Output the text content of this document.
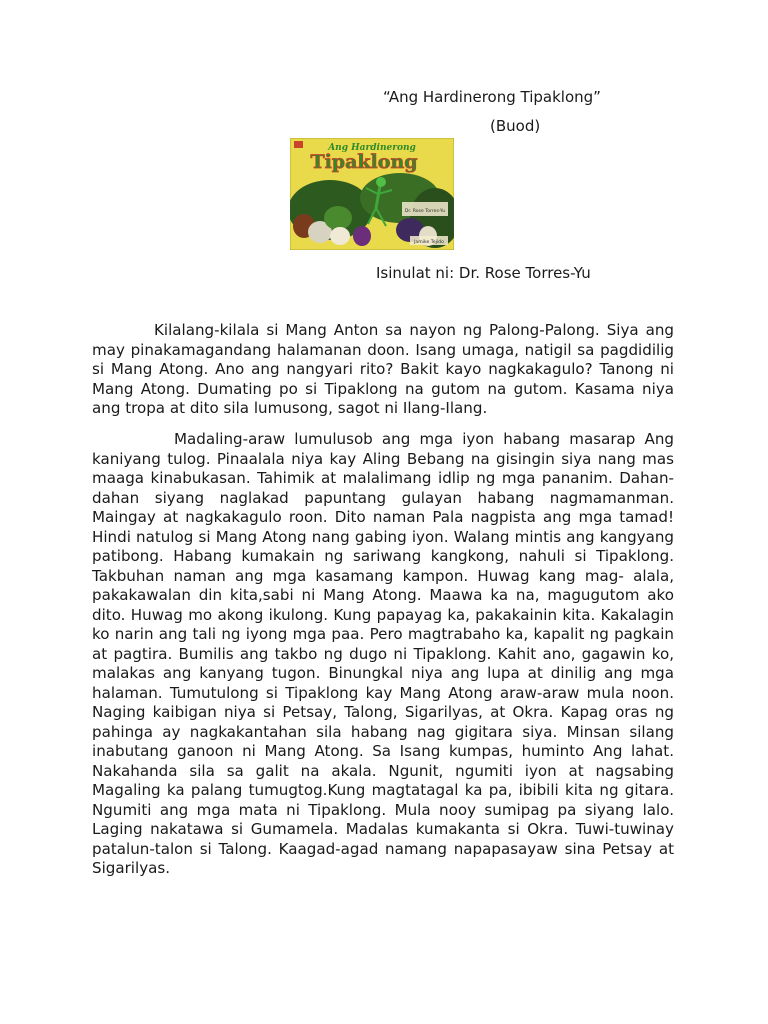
“Ang Hardinerong Tipaklong”
(Buod)
Ang Hardinerong
Tipaklong
Dr. Rose Torres-Yu
Jamike Tejido
Isinulat ni: Dr. Rose Torres-Yu

Kilalang-kilala si Mang Anton sa nayon ng Palong-Palong. Siya ang may pinakamagandang halamanan doon. Isang umaga, natigil sa pagdidilig si Mang Atong. Ano ang nangyari rito? Bakit kayo nagkakagulo? Tanong ni Mang Atong. Dumating po si Tipaklong na gutom na gutom. Kasama niya ang tropa at dito sila lumusong, sagot ni Ilang-Ilang.

Madaling-araw lumulusob ang mga iyon habang masarap Ang kaniyang tulog. Pinaalala niya kay Aling Bebang na gisingin siya nang mas maaga kinabukasan. Tahimik at malalimang idlip ng mga pananim. Dahan-dahan siyang naglakad papuntang gulayan habang nagmamanman. Maingay at nagkakagulo roon. Dito naman Pala nagpista ang mga tamad! Hindi natulog si Mang Atong nang gabing iyon. Walang mintis ang kangyang patibong. Habang kumakain ng sariwang kangkong, nahuli si Tipaklong. Takbuhan naman ang mga kasamang kampon. Huwag kang mag- alala, pakakawalan din kita,sabi ni Mang Atong. Maawa ka na, magugutom ako dito. Huwag mo akong ikulong. Kung papayag ka, pakakainin kita. Kakalagin ko narin ang tali ng iyong mga paa. Pero magtrabaho ka, kapalit ng pagkain at pagtira. Bumilis ang takbo ng dugo ni Tipaklong. Kahit ano, gagawin ko, malakas ang kanyang tugon. Binungkal niya ang lupa at dinilig ang mga halaman. Tumutulong si Tipaklong kay Mang Atong araw-araw mula noon. Naging kaibigan niya si Petsay, Talong, Sigarilyas, at Okra. Kapag oras ng pahinga ay nagkakantahan sila habang nag gigitara siya. Minsan silang inabutang ganoon ni Mang Atong. Sa Isang kumpas, huminto Ang lahat. Nakahanda sila sa galit na akala. Ngunit, ngumiti iyon at nagsabing Magaling ka palang tumugtog.Kung magtatagal ka pa, ibibili kita ng gitara. Ngumiti ang mga mata ni Tipaklong. Mula nooy sumipag pa siyang lalo. Laging nakatawa si Gumamela. Madalas kumakanta si Okra. Tuwi-tuwinay patalun-talon si Talong. Kaagad-agad namang napapasayaw sina Petsay at Sigarilyas.
